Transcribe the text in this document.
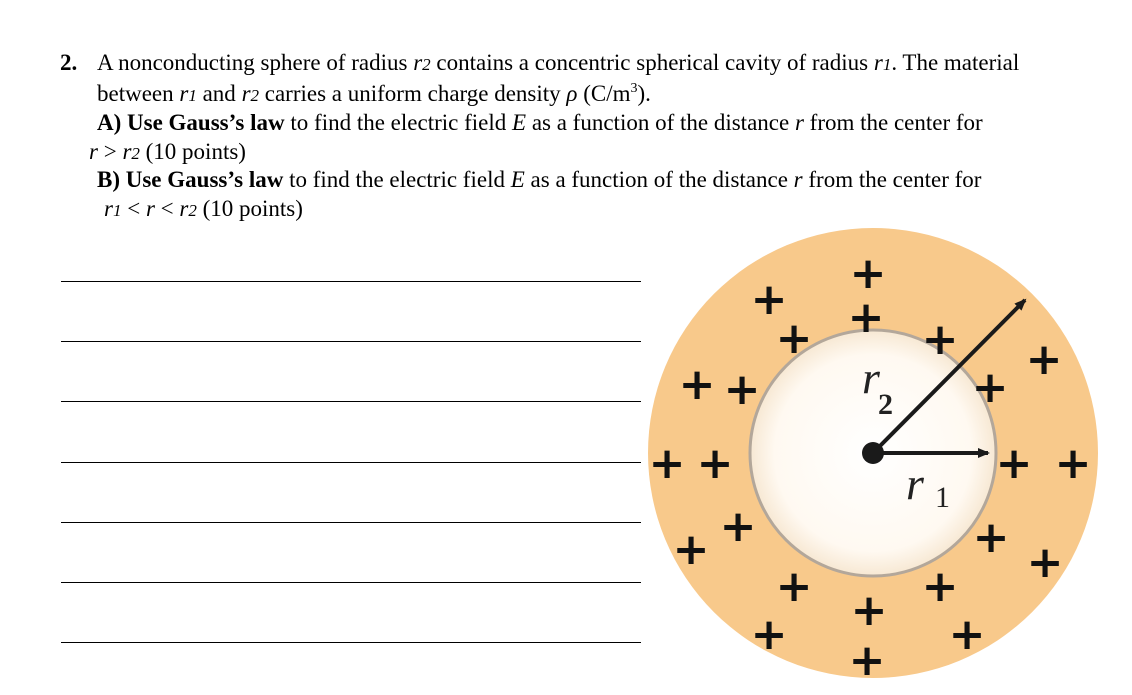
2. A nonconducting sphere of radius r2 contains a concentric spherical cavity of radius r1. The material
between r1 and r2 carries a uniform charge density ρ $(C/m^3)$.
A) Use Gauss’s law to find the electric field E as a function of the distance r from the center for
r > r2 (10 points)
B) Use Gauss’s law to find the electric field E as a function of the distance r from the center for
r1 < r < r2 (10 points)
+
+
+
+ + +
+ +	+
+ +	+ +
+
+	+ +
+ +
+ +
+
+
r
2
r 1
